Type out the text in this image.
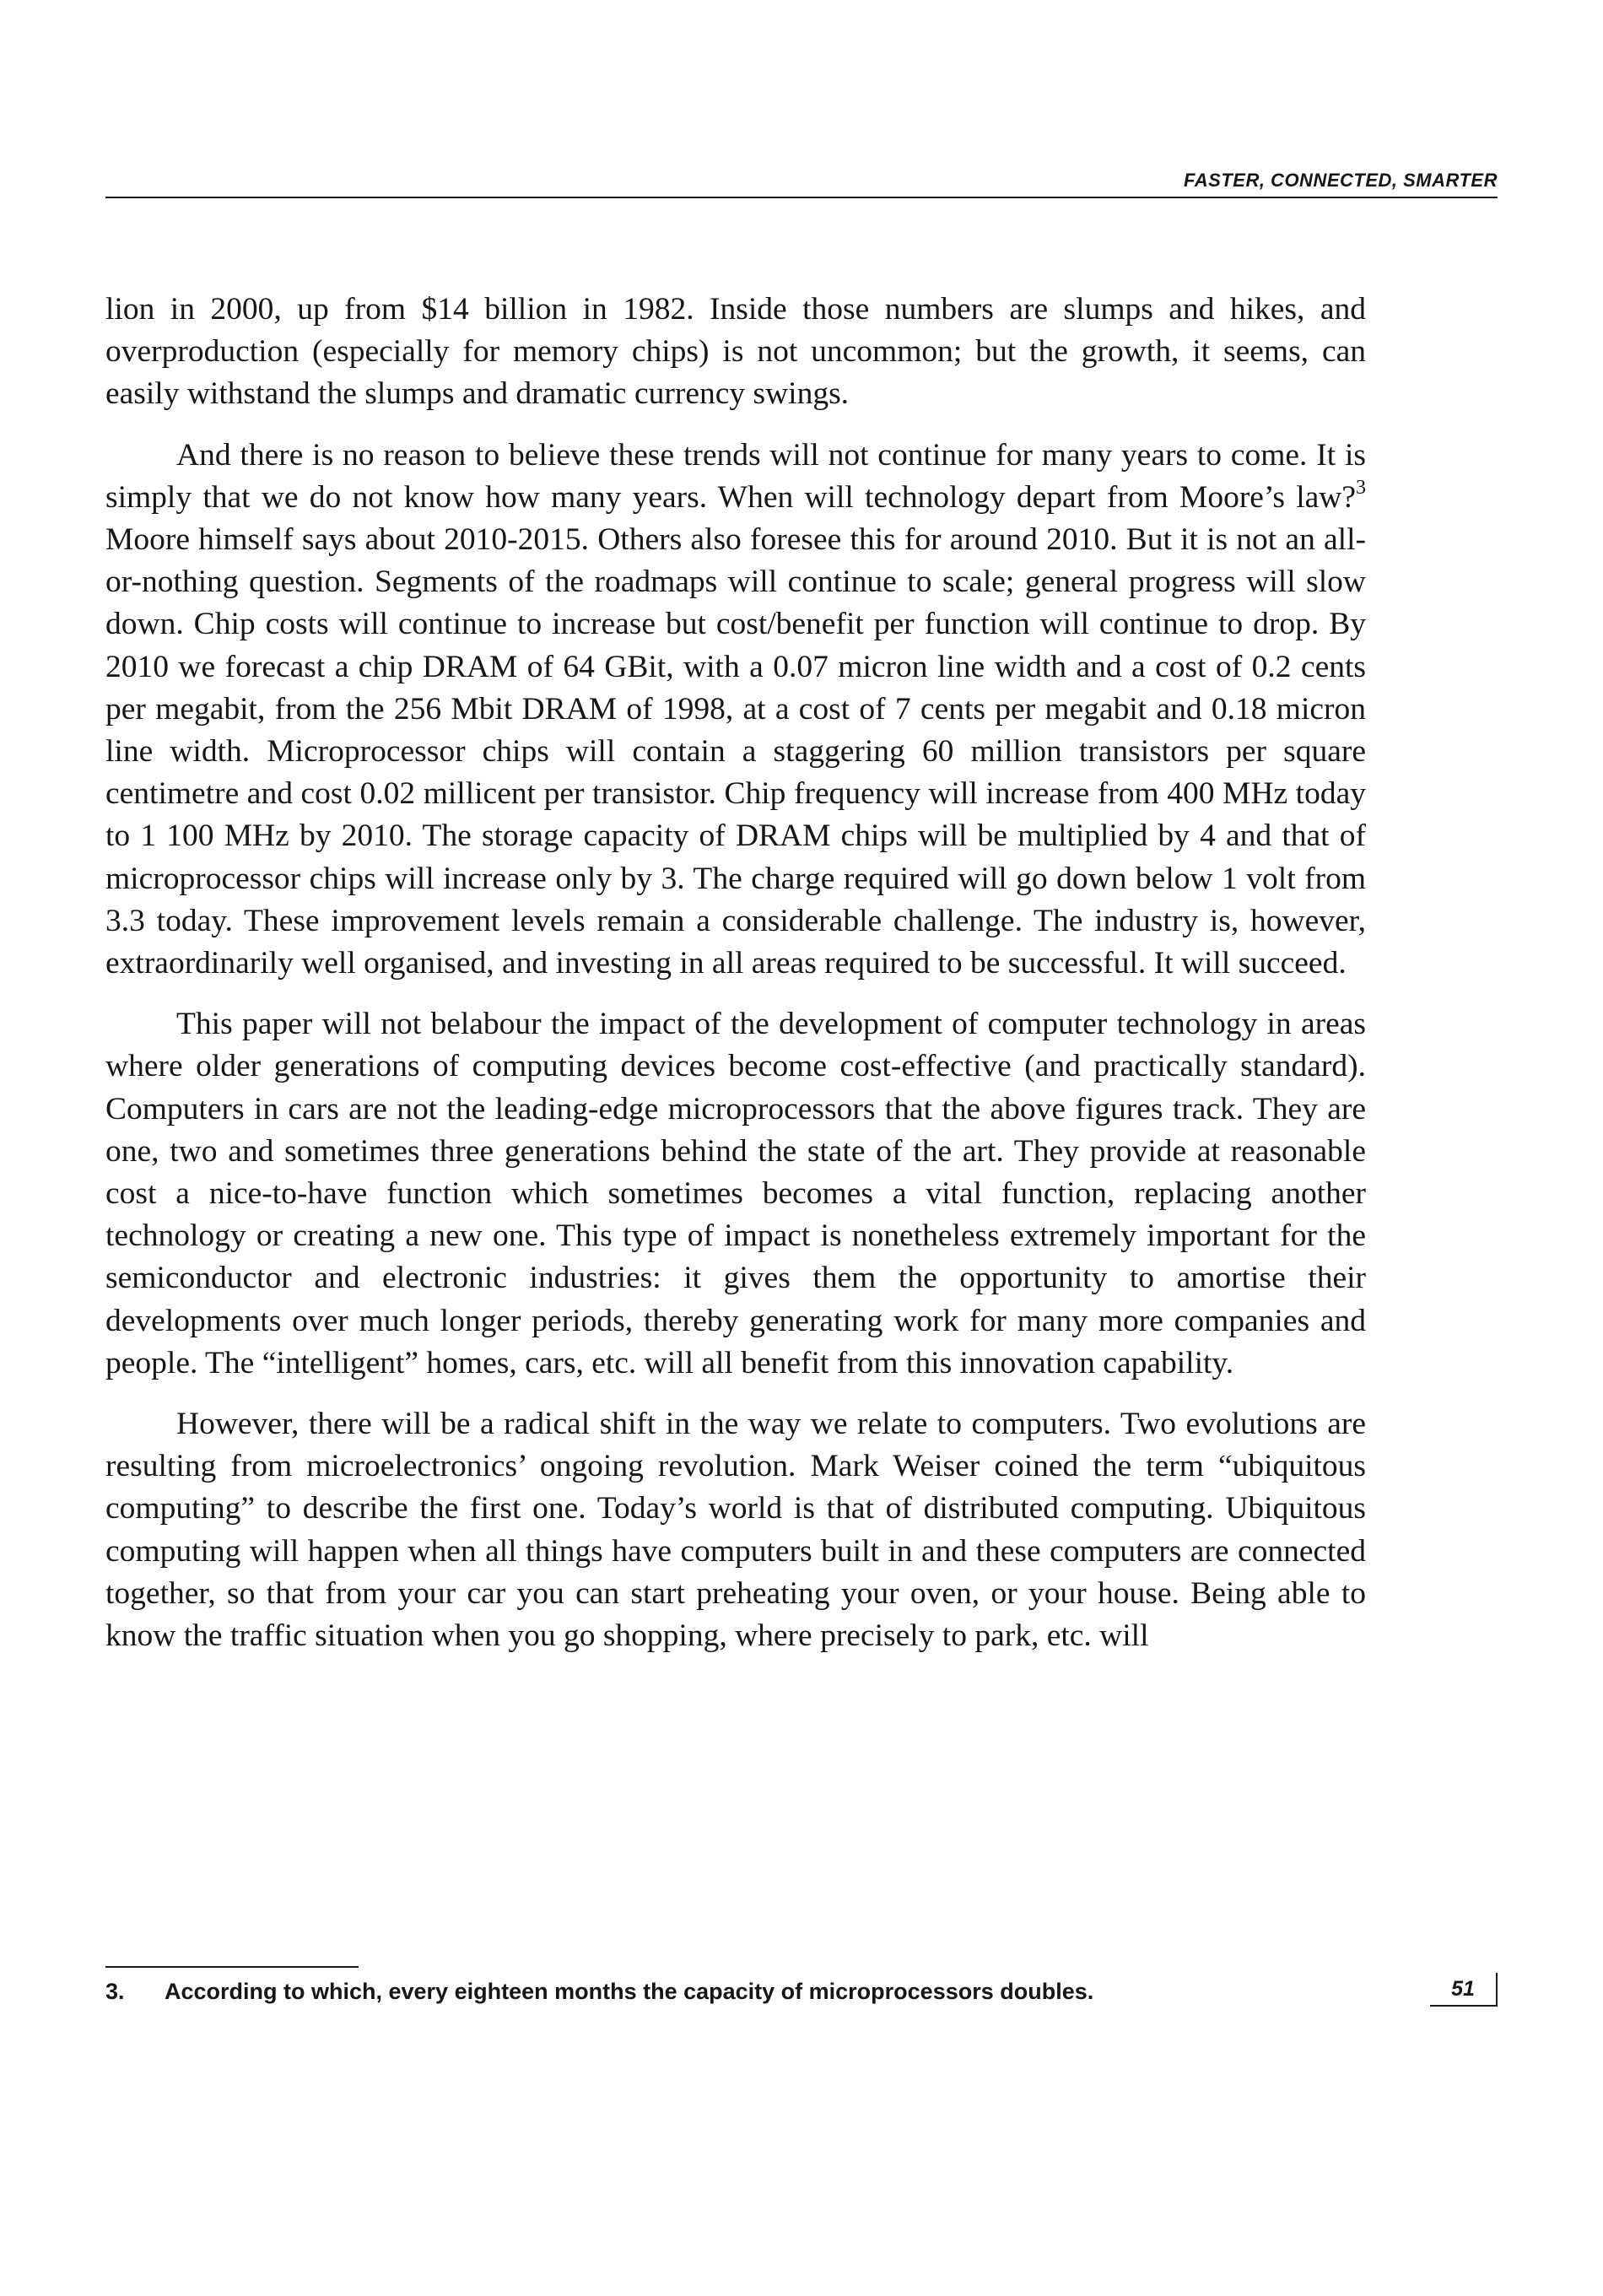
FASTER, CONNECTED, SMARTER

lion in 2000, up from $14 billion in 1982. Inside those numbers are slumps and hikes, and overproduction (especially for memory chips) is not uncommon; but the growth, it seems, can easily withstand the slumps and dramatic currency swings.

And there is no reason to believe these trends will not continue for many years to come. It is simply that we do not know how many years. When will technology depart from Moore’s law?$^3$ Moore himself says about 2010-2015. Others also foresee this for around 2010. But it is not an all-or-nothing question. Segments of the roadmaps will continue to scale; general progress will slow down. Chip costs will continue to increase but cost/benefit per function will continue to drop. By 2010 we forecast a chip DRAM of 64 GBit, with a 0.07 micron line width and a cost of 0.2 cents per megabit, from the 256 Mbit DRAM of 1998, at a cost of 7 cents per megabit and 0.18 micron line width. Microprocessor chips will contain a staggering 60 million transistors per square centimetre and cost 0.02 millicent per transistor. Chip frequency will increase from 400 MHz today to 1 100 MHz by 2010. The storage capacity of DRAM chips will be multiplied by 4 and that of microprocessor chips will increase only by 3. The charge required will go down below 1 volt from 3.3 today. These improvement levels remain a considerable challenge. The industry is, however, extraordinarily well organised, and investing in all areas required to be successful. It will succeed.

This paper will not belabour the impact of the development of computer technology in areas where older generations of computing devices become cost-effective (and practically standard). Computers in cars are not the leading-edge microprocessors that the above figures track. They are one, two and sometimes three generations behind the state of the art. They provide at reasonable cost a nice-to-have function which sometimes becomes a vital function, replacing another technology or creating a new one. This type of impact is nonetheless extremely important for the semiconductor and electronic industries: it gives them the opportunity to amortise their developments over much longer periods, thereby generating work for many more companies and people. The “intelligent” homes, cars, etc. will all benefit from this innovation capability.

However, there will be a radical shift in the way we relate to computers. Two evolutions are resulting from microelectronics’ ongoing revolution. Mark Weiser coined the term “ubiquitous computing” to describe the first one. Today’s world is that of distributed computing. Ubiquitous computing will happen when all things have computers built in and these computers are connected together, so that from your car you can start preheating your oven, or your house. Being able to know the traffic situation when you go shopping, where precisely to park, etc. will

3. According to which, every eighteen months the capacity of microprocessors doubles.	51
